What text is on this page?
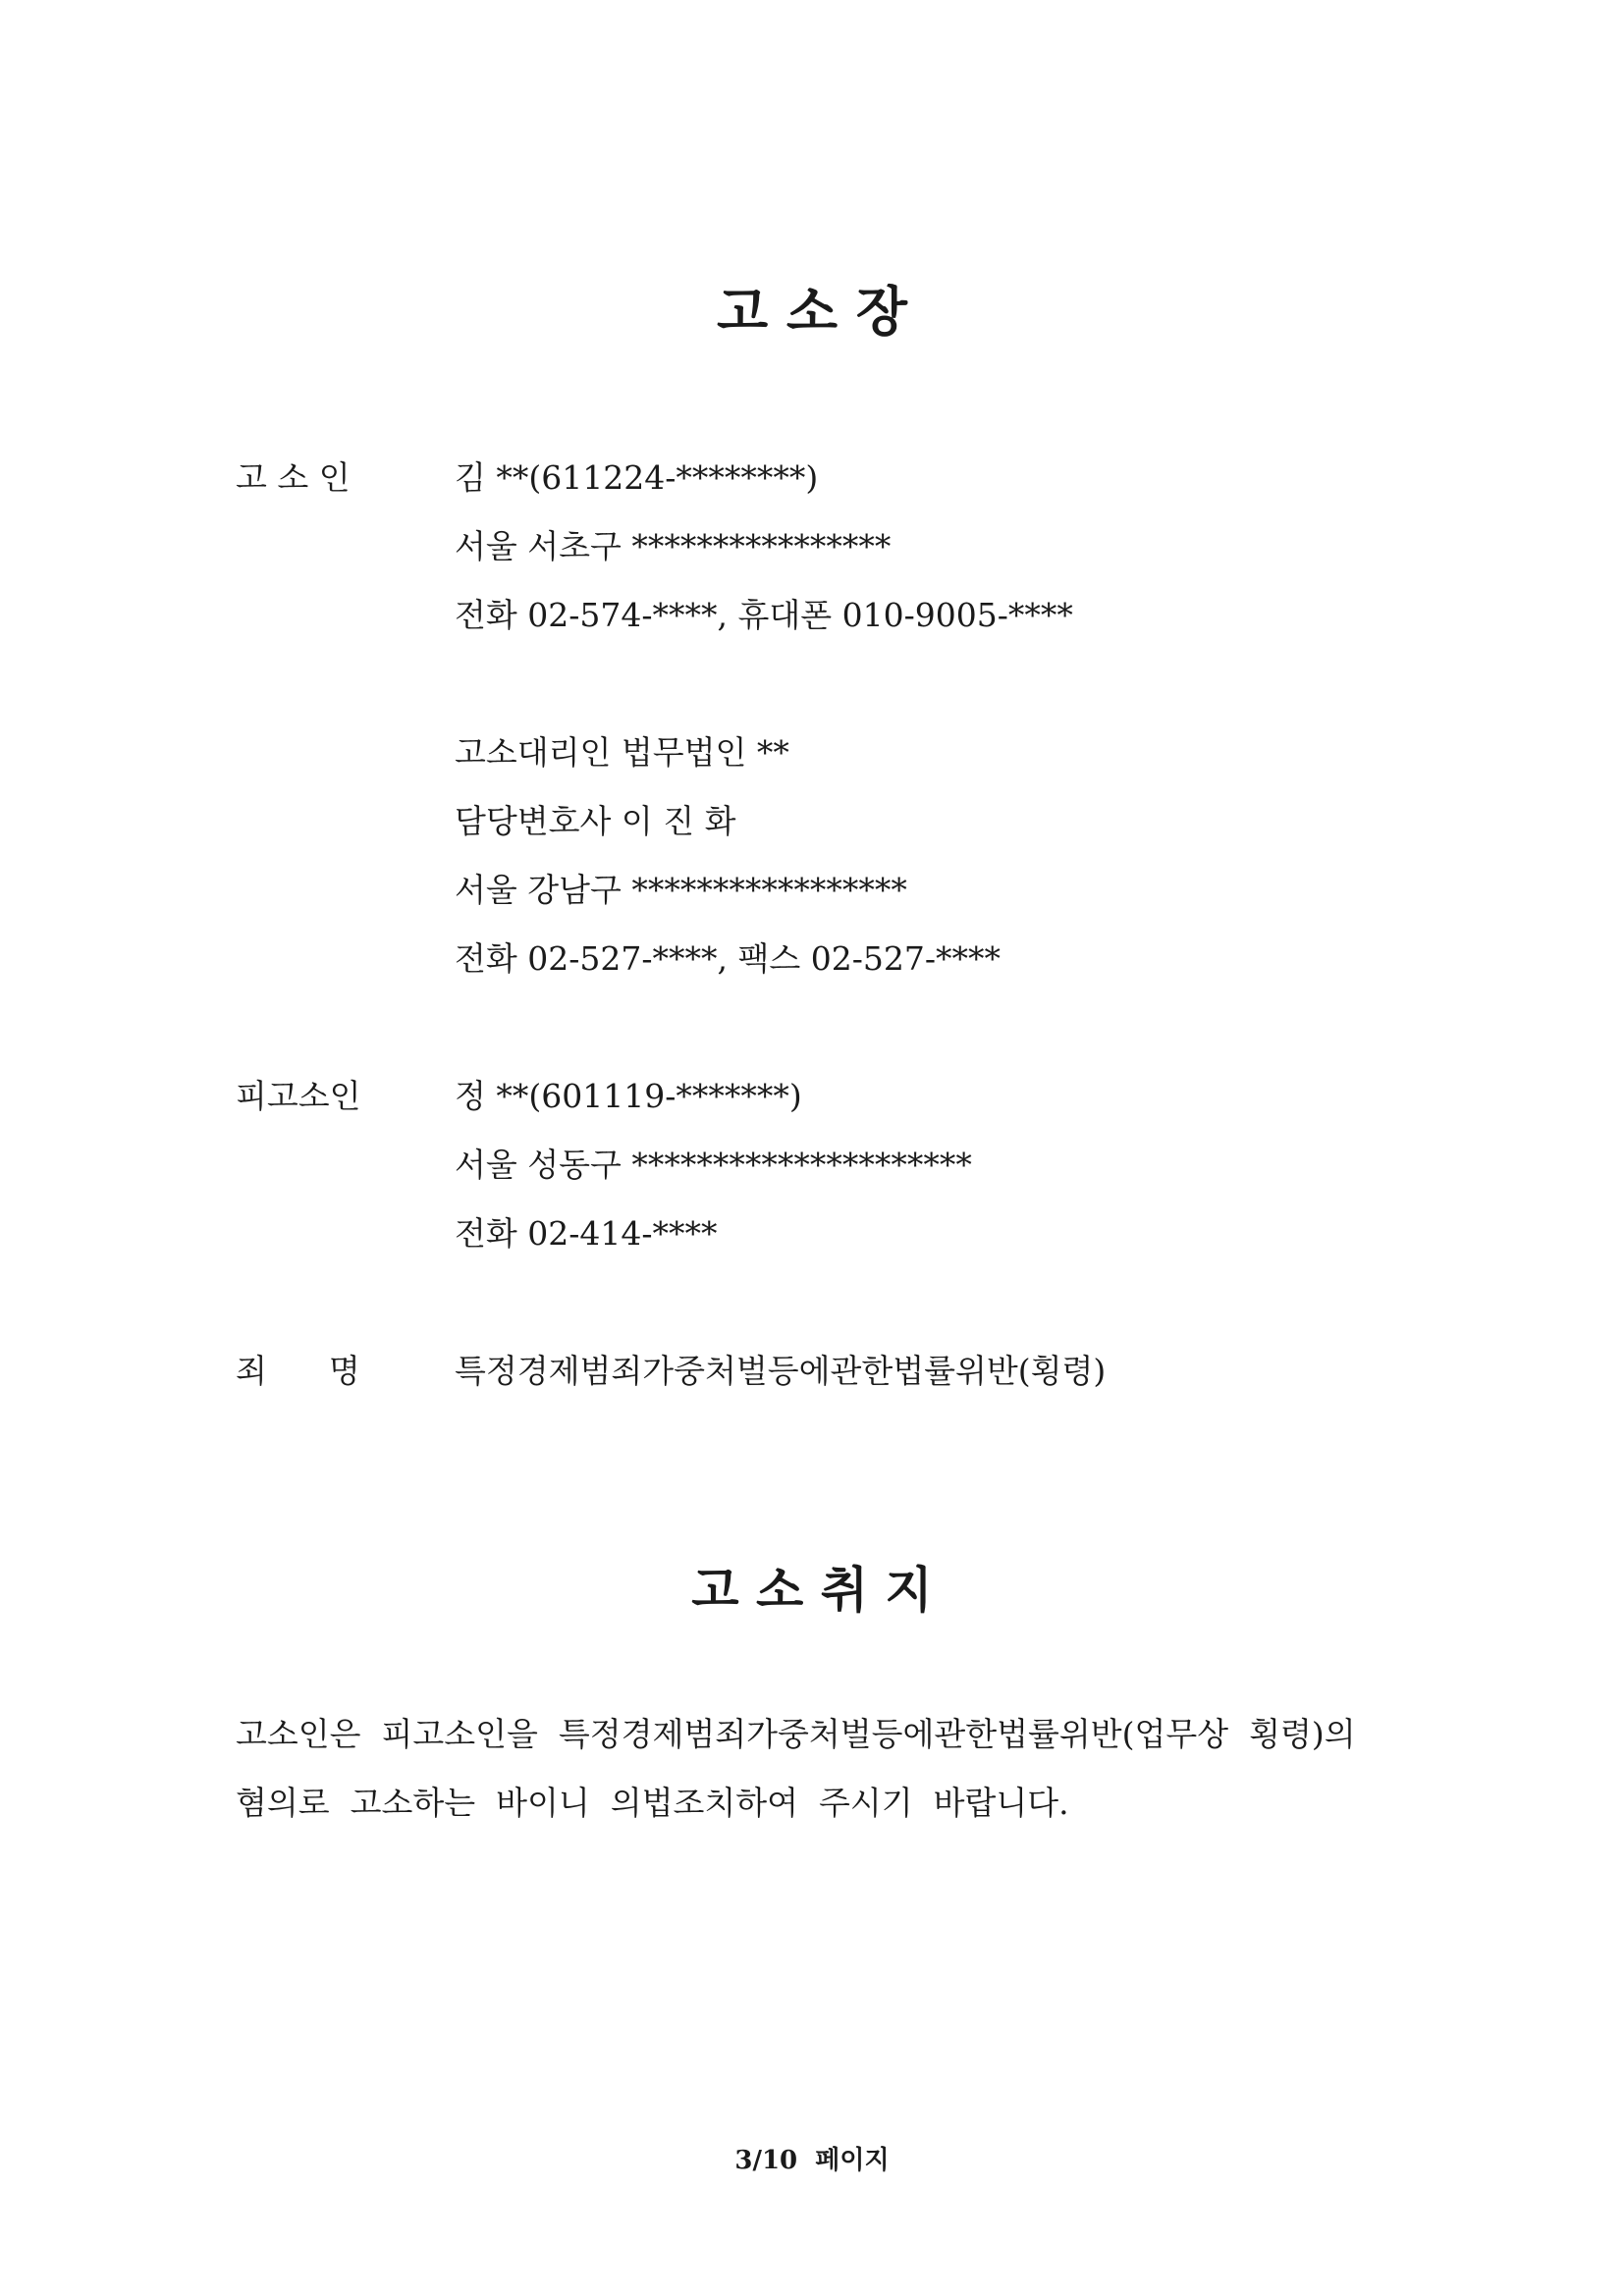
고 소 장
고 소 인	김 **(611224-********)
서울 서초구 ****************
전화 02-574-****, 휴대폰 010-9005-****
고소대리인 법무법인 **
담당변호사 이 진 화
서울 강남구 *****************
전화 02-527-****, 팩스 02-527-****
피고소인	정 **(601119-*******)
서울 성동구 *********************
전화 02-414-****
죄      명	특정경제범죄가중처벌등에관한법률위반(횡령)
고 소 취 지
고소인은  피고소인을  특정경제범죄가중처벌등에관한법률위반(업무상  횡령)의
혐의로  고소하는  바이니  의법조치하여  주시기  바랍니다.
3/10  페이지
